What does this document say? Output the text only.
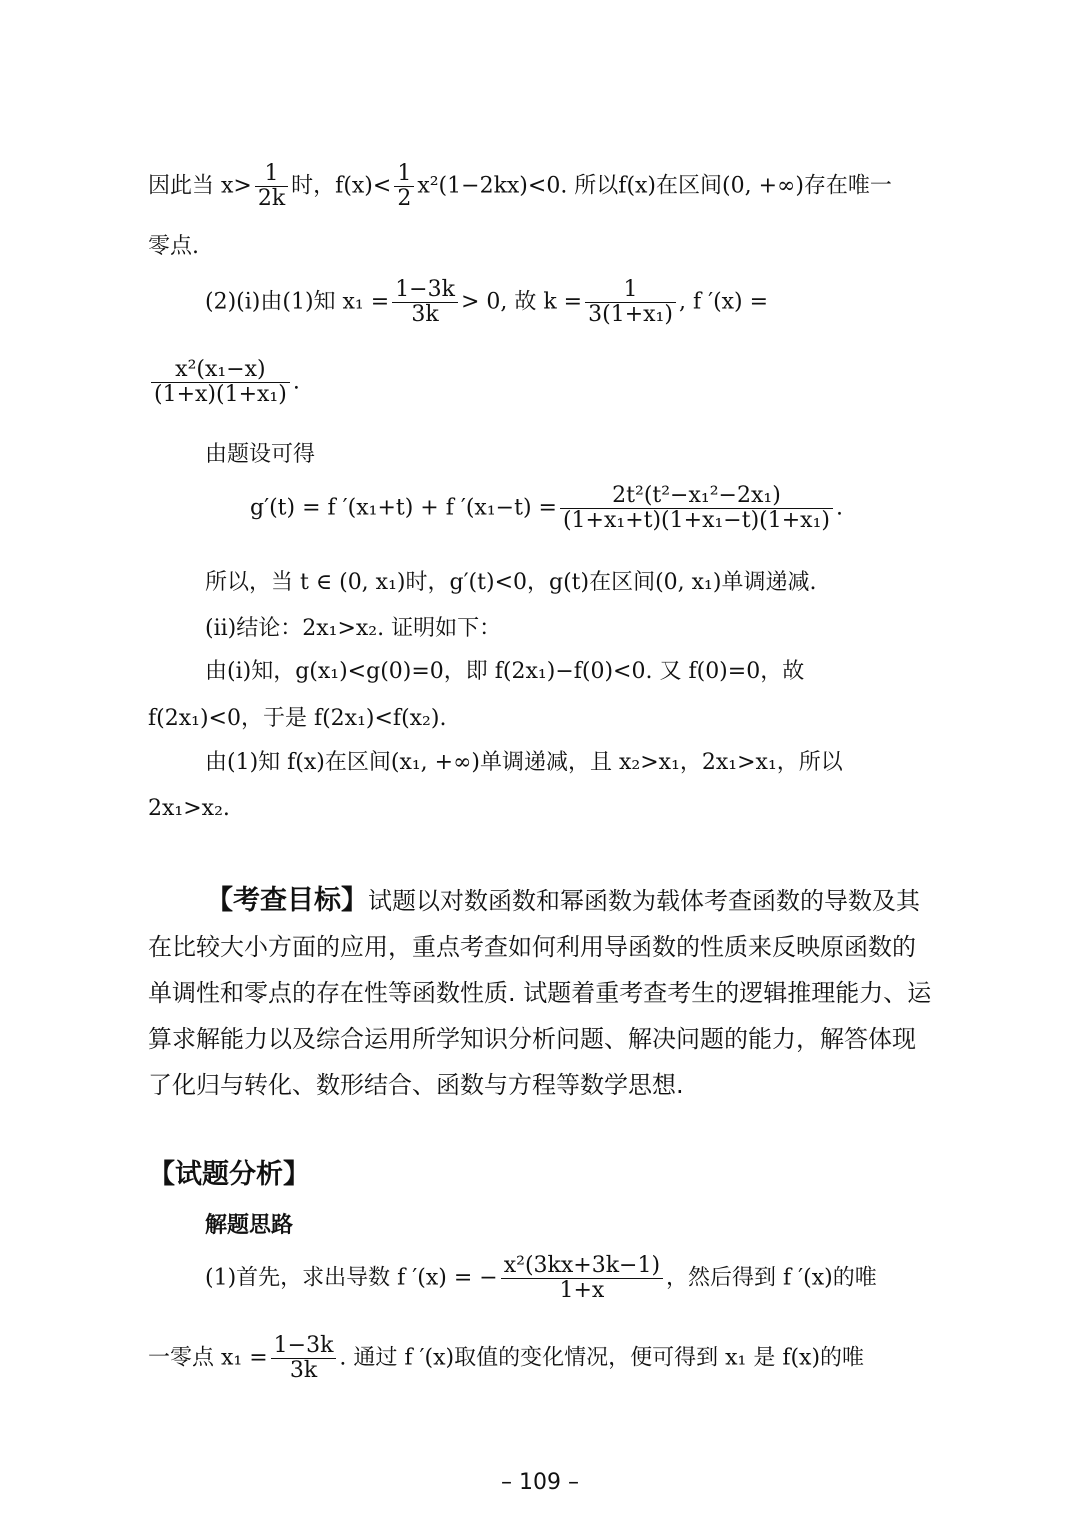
因此当 $x> \frac{1}{2k}$ 时，$f(x)< \frac{1}{2} x^2(1-2kx)<0$. 所以f(x)在区间(0, +∞)存在唯一
零点.
(2)(ⅰ)由(1)知 $x_1 = \frac{1-3k}{3k} > 0$, 故 $k = \frac{1}{\text{3(1+x₁)}}$ , f ′(x) =
$\frac{\text{x²(x₁−x)}}{\text{(1+x)(1+x₁)}}$ .
由题设可得
g′(t) = f ′(x₁+t) + f $'(x_1-t) = \frac{\text{2t²(t²−x₁²−2x₁)}}{\text{(1+x₁+t)(1+x₁−t)(1+x₁)}}$ .
所以，当 t ∈ (0, x₁)时，g′(t)<0，g(t)在区间(0, x₁)单调递减.
(ⅱ)结论：2x₁>x₂. 证明如下：
由(ⅰ)知，g(x₁)<g(0)=0，即 f(2x₁)−f(0)<0. 又 f(0)=0，故
f(2x₁)<0，于是 f(2x₁)<f(x₂).
由(1)知 f(x)在区间(x₁, +∞)单调递减，且 x₂>x₁，2x₁>x₁，所以
2x₁>x₂.
【考查目标】试题以对数函数和幂函数为载体考查函数的导数及其在比较大小方面的应用，重点考查如何利用导函数的性质来反映原函数的单调性和零点的存在性等函数性质. 试题着重考查考生的逻辑推理能力、运算求解能力以及综合运用所学知识分析问题、解决问题的能力，解答体现了化归与转化、数形结合、函数与方程等数学思想.
【试题分析】
解题思路
(1)首先，求出导数 f ′(x) = − $\frac{\text{x²(3kx+3k−1)}}{1+x}$ ，然后得到 f ′(x)的唯
一零点 $x_1 = \frac{1-3k}{3k}$ . 通过 f ′(x)取值的变化情况，便可得到 x₁ 是 f(x)的唯
– 109 –
